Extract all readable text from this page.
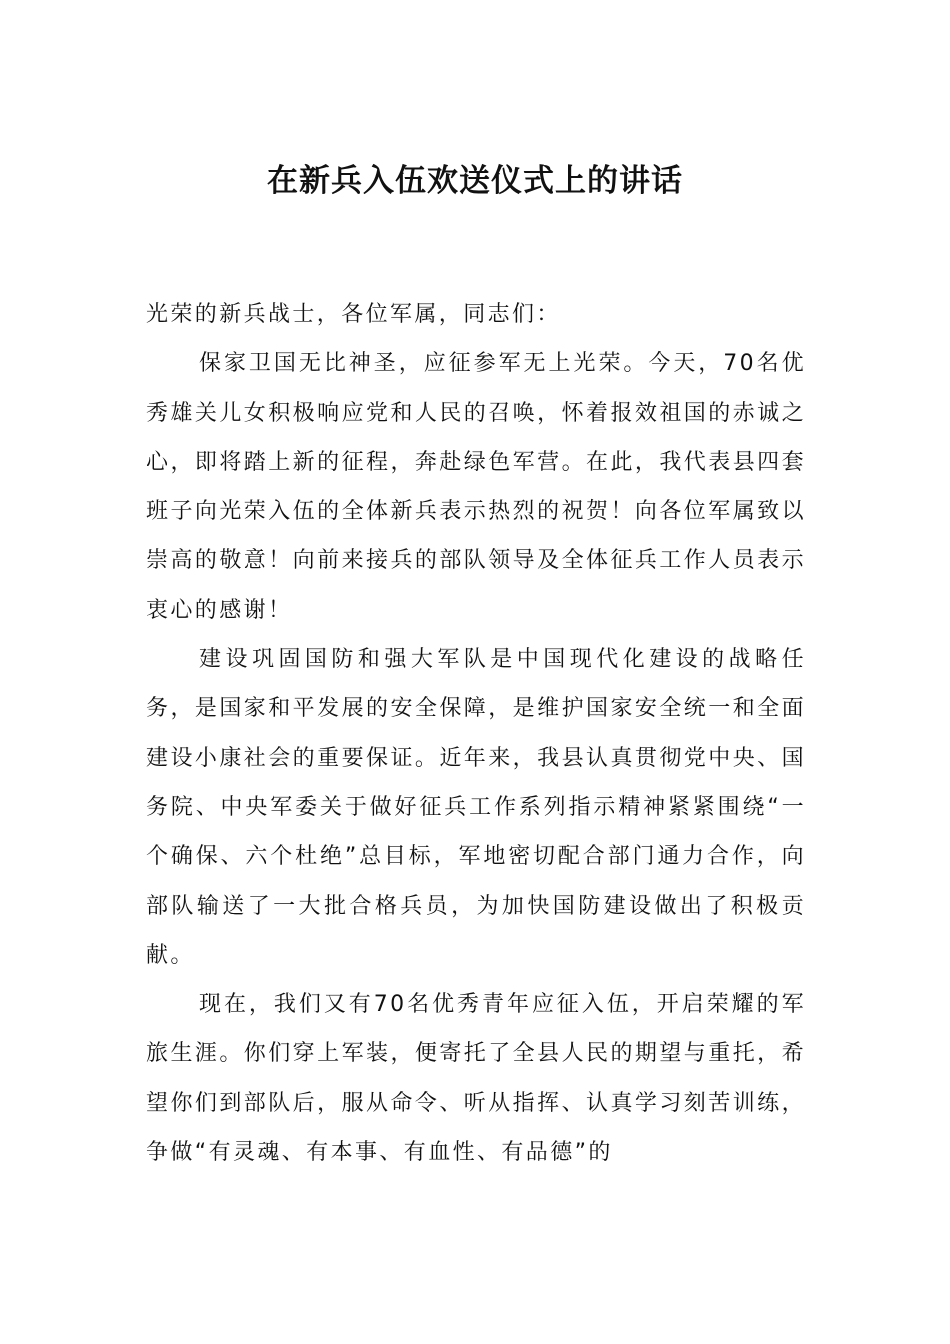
在新兵入伍欢送仪式上的讲话

光荣的新兵战士，各位军属，同志们：

保家卫国无比神圣，应征参军无上光荣。今天，70名优秀雄关儿女积极响应党和人民的召唤，怀着报效祖国的赤诚之心，即将踏上新的征程，奔赴绿色军营。在此，我代表县四套班子向光荣入伍的全体新兵表示热烈的祝贺！向各位军属致以崇高的敬意！向前来接兵的部队领导及全体征兵工作人员表示衷心的感谢！

建设巩固国防和强大军队是中国现代化建设的战略任务，是国家和平发展的安全保障，是维护国家安全统一和全面建设小康社会的重要保证。近年来，我县认真贯彻党中央、国务院、中央军委关于做好征兵工作系列指示精神紧紧围绕“一个确保、六个杜绝”总目标，军地密切配合部门通力合作，向部队输送了一大批合格兵员，为加快国防建设做出了积极贡献。

现在，我们又有70名优秀青年应征入伍，开启荣耀的军旅生涯。你们穿上军装，便寄托了全县人民的期望与重托，希望你们到部队后，服从命令、听从指挥、认真学习刻苦训练，争做“有灵魂、有本事、有血性、有品德”的
